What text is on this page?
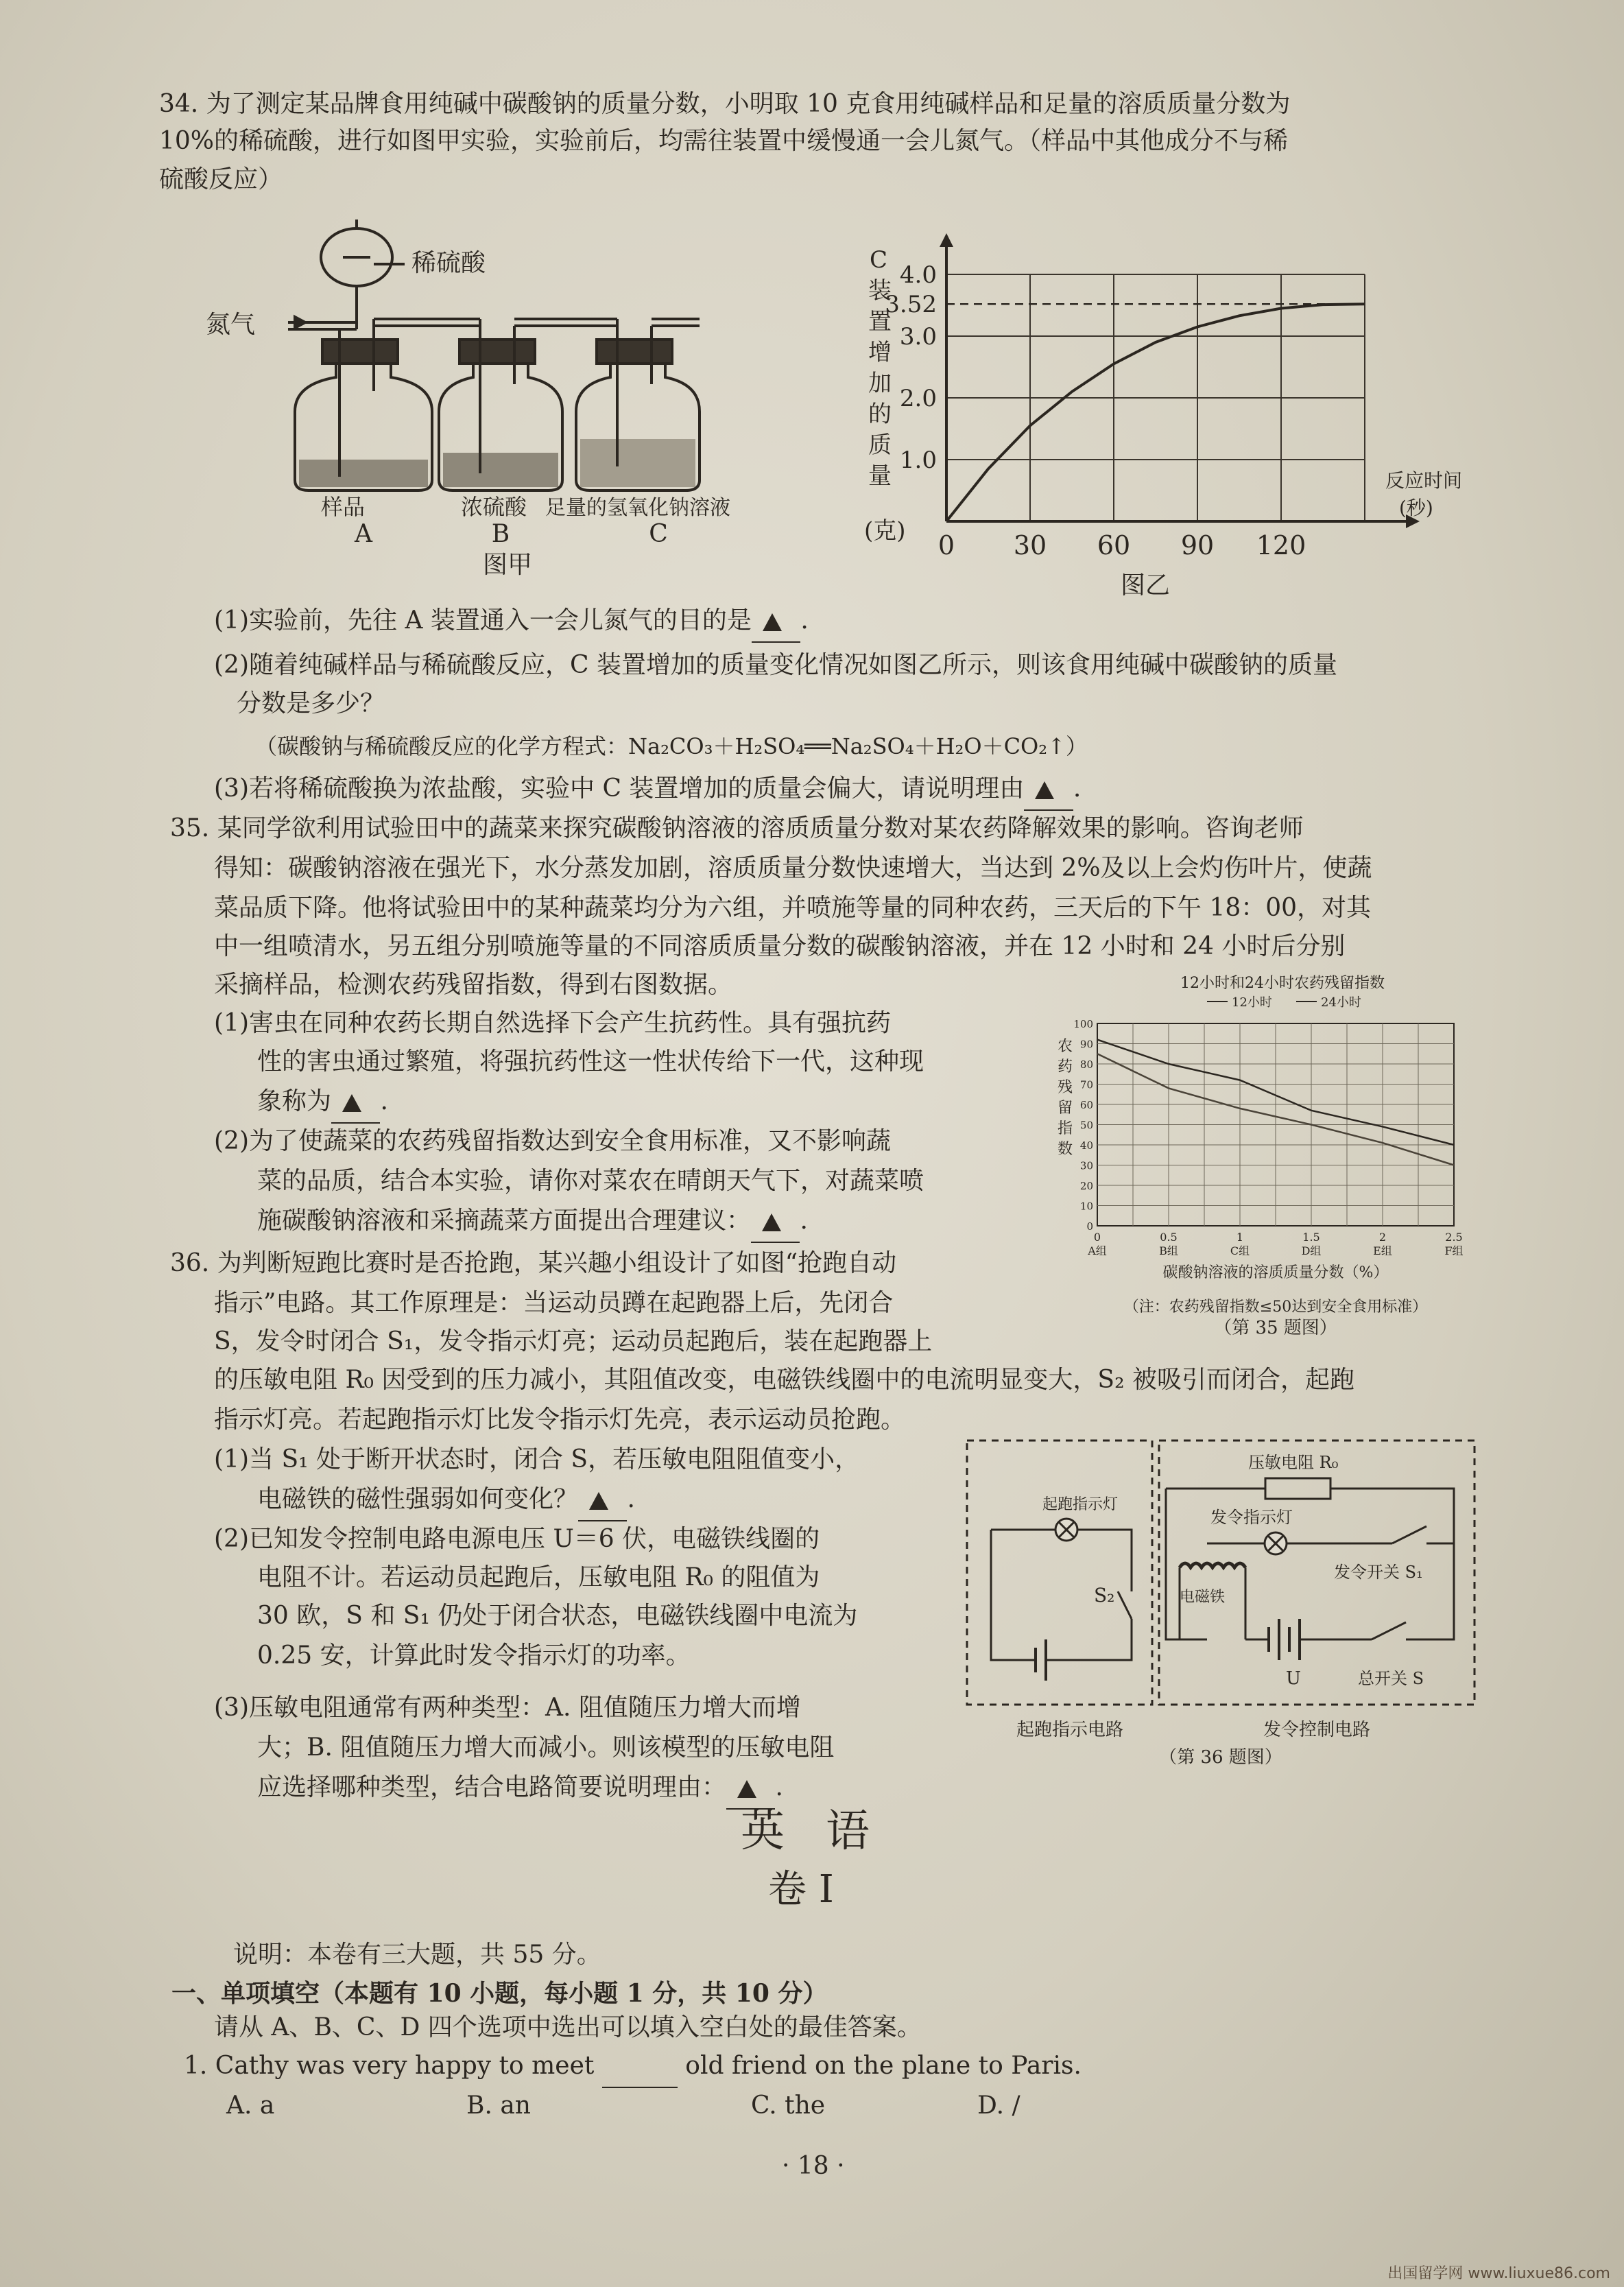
34. 为了测定某品牌食用纯碱中碳酸钠的质量分数，小明取 10 克食用纯碱样品和足量的溶质质量分数为
10%的稀硫酸，进行如图甲实验，实验前后，均需往装置中缓慢通一会儿氮气。（样品中其他成分不与稀
硫酸反应）
稀硫酸
氮气
样品
A
浓硫酸
B
足量的氢氧化钠溶液
C
图甲
C
装
置
增
加
的
质
量
(克)
反应时间
(秒)
0 30 60 90 120
1.0
2.0
3.0
3.52
4.0
图乙
(1)实验前，先往 A 装置通入一会儿氮气的目的是 .
(2)随着纯碱样品与稀硫酸反应，C 装置增加的质量变化情况如图乙所示，则该食用纯碱中碳酸钠的质量
分数是多少？
（碳酸钠与稀硫酸反应的化学方程式：Na₂CO₃＋H₂SO₄══Na₂SO₄＋H₂O＋CO₂↑）
(3)若将稀硫酸换为浓盐酸，实验中 C 装置增加的质量会偏大，请说明理由 .
35. 某同学欲利用试验田中的蔬菜来探究碳酸钠溶液的溶质质量分数对某农药降解效果的影响。咨询老师
得知：碳酸钠溶液在强光下，水分蒸发加剧，溶质质量分数快速增大，当达到 2%及以上会灼伤叶片，使蔬
菜品质下降。他将试验田中的某种蔬菜均分为六组，并喷施等量的同种农药，三天后的下午 18：00，对其
中一组喷清水，另五组分别喷施等量的不同溶质质量分数的碳酸钠溶液，并在 12 小时和 24 小时后分别
采摘样品，检测农药残留指数，得到右图数据。
(1)害虫在同种农药长期自然选择下会产生抗药性。具有强抗药
性的害虫通过繁殖，将强抗药性这一性状传给下一代，这种现
象称为 .
(2)为了使蔬菜的农药残留指数达到安全食用标准，又不影响蔬
菜的品质，结合本实验，请你对菜农在晴朗天气下，对蔬菜喷
施碳酸钠溶液和采摘蔬菜方面提出合理建议： .
12小时和24小时农药残留指数
12小时	24小时
农
药
残
留
指
数
0
10
20
30
40
50
60
70
80
90
100
0
A组
0.5
B组
1
C组
1.5
D组
2
E组
2.5
F组
碳酸钠溶液的溶质质量分数（%）
（注：农药残留指数≤50达到安全食用标准）
（第 35 题图）
36. 为判断短跑比赛时是否抢跑，某兴趣小组设计了如图“抢跑自动
指示”电路。其工作原理是：当运动员蹲在起跑器上后，先闭合
S，发令时闭合 S₁，发令指示灯亮；运动员起跑后，装在起跑器上
的压敏电阻 R₀ 因受到的压力减小，其阻值改变，电磁铁线圈中的电流明显变大，S₂ 被吸引而闭合，起跑
指示灯亮。若起跑指示灯比发令指示灯先亮，表示运动员抢跑。
(1)当 S₁ 处于断开状态时，闭合 S，若压敏电阻阻值变小，
电磁铁的磁性强弱如何变化？ .
(2)已知发令控制电路电源电压 U＝6 伏，电磁铁线圈的
电阻不计。若运动员起跑后，压敏电阻 R₀ 的阻值为
30 欧，S 和 S₁ 仍处于闭合状态，电磁铁线圈中电流为
0.25 安，计算此时发令指示灯的功率。
(3)压敏电阻通常有两种类型：A. 阻值随压力增大而增
大；B. 阻值随压力增大而减小。则该模型的压敏电阻
应选择哪种类型，结合电路简要说明理由： .
起跑指示灯
S₂
压敏电阻 R₀
发令指示灯
发令开关 S₁
电磁铁
U	总开关 S
起跑指示电路	发令控制电路
（第 36 题图）
英语
卷 Ⅰ
说明：本卷有三大题，共 55 分。
一、单项填空（本题有 10 小题，每小题 1 分，共 10 分）
请从 A、B、C、D 四个选项中选出可以填入空白处的最佳答案。
1. Cathy was very happy to meet	old friend on the plane to Paris.
A. a	B. an	C. the	D. /
· 18 ·
出国留学网 www.liuxue86.com
